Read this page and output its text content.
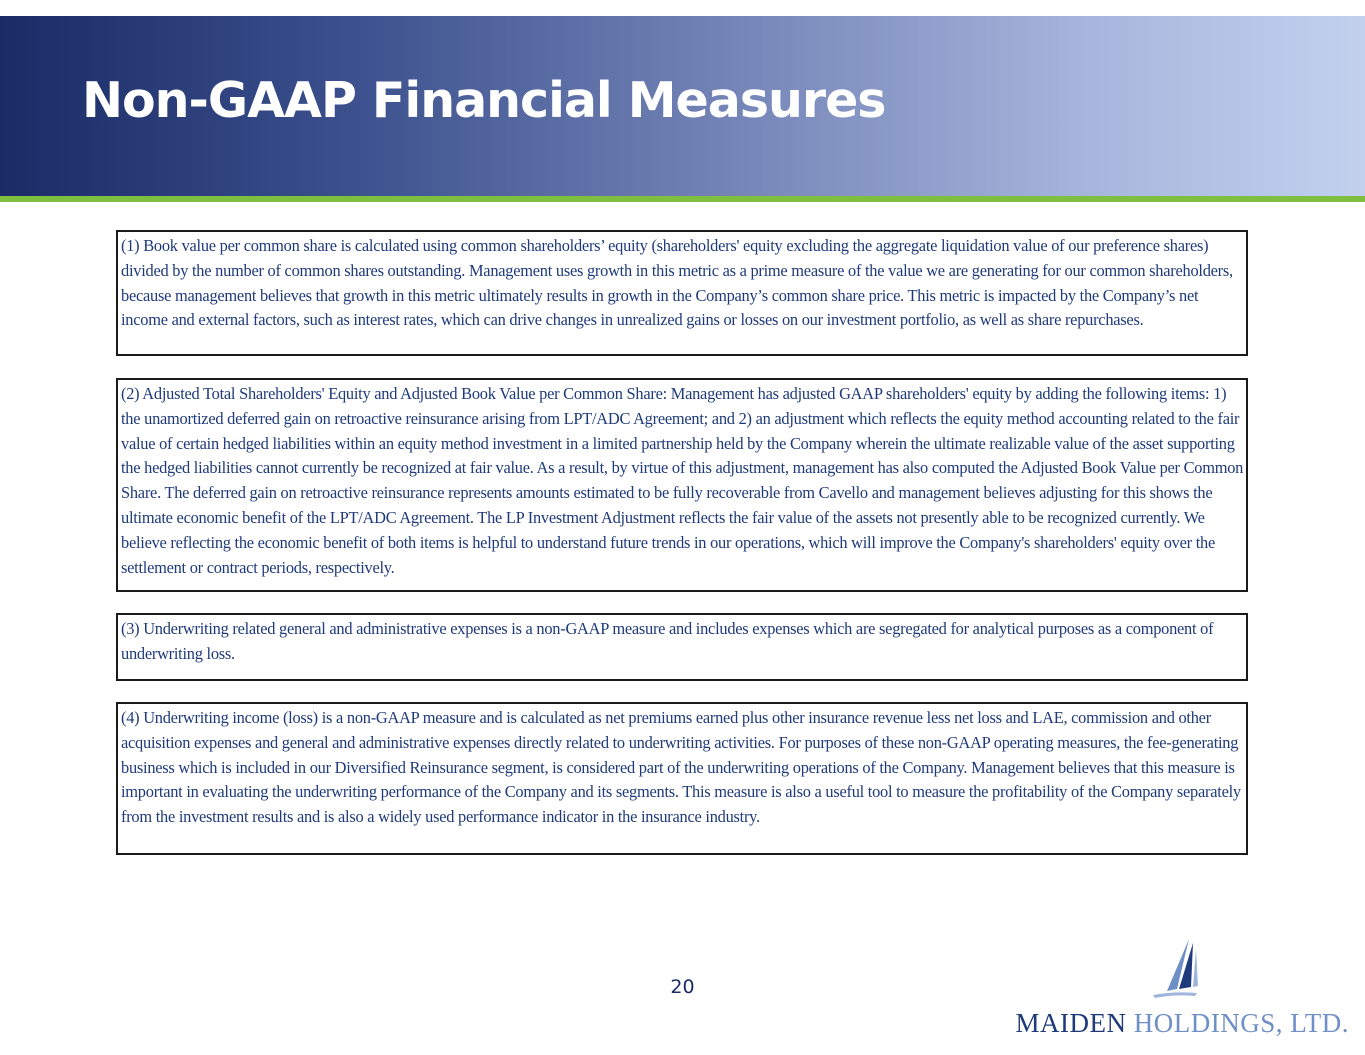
Non-GAAP Financial Measures

(1) Book value per common share is calculated using common shareholders’ equity (shareholders' equity excluding the aggregate liquidation value of our preference shares) divided by the number of common shares outstanding. Management uses growth in this metric as a prime measure of the value we are generating for our common shareholders, because management believes that growth in this metric ultimately results in growth in the Company’s common share price. This metric is impacted by the Company’s net income and external factors, such as interest rates, which can drive changes in unrealized gains or losses on our investment portfolio, as well as share repurchases.

(2) Adjusted Total Shareholders' Equity and Adjusted Book Value per Common Share: Management has adjusted GAAP shareholders' equity by adding the following items: 1) the unamortized deferred gain on retroactive reinsurance arising from LPT/ADC Agreement; and 2) an adjustment which reflects the equity method accounting related to the fair value of certain hedged liabilities within an equity method investment in a limited partnership held by the Company wherein the ultimate realizable value of the asset supporting the hedged liabilities cannot currently be recognized at fair value. As a result, by virtue of this adjustment, management has also computed the Adjusted Book Value per Common Share. The deferred gain on retroactive reinsurance represents amounts estimated to be fully recoverable from Cavello and management believes adjusting for this shows the ultimate economic benefit of the LPT/ADC Agreement. The LP Investment Adjustment reflects the fair value of the assets not presently able to be recognized currently. We believe reflecting the economic benefit of both items is helpful to understand future trends in our operations, which will improve the Company's shareholders' equity over the settlement or contract periods, respectively.

(3) Underwriting related general and administrative expenses is a non-GAAP measure and includes expenses which are segregated for analytical purposes as a component of underwriting loss.

(4) Underwriting income (loss) is a non-GAAP measure and is calculated as net premiums earned plus other insurance revenue less net loss and LAE, commission and other acquisition expenses and general and administrative expenses directly related to underwriting activities. For purposes of these non-GAAP operating measures, the fee-generating business which is included in our Diversified Reinsurance segment, is considered part of the underwriting operations of the Company. Management believes that this measure is important in evaluating the underwriting performance of the Company and its segments. This measure is also a useful tool to measure the profitability of the Company separately from the investment results and is also a widely used performance indicator in the insurance industry.

20
MAIDEN HOLDINGS, LTD.
